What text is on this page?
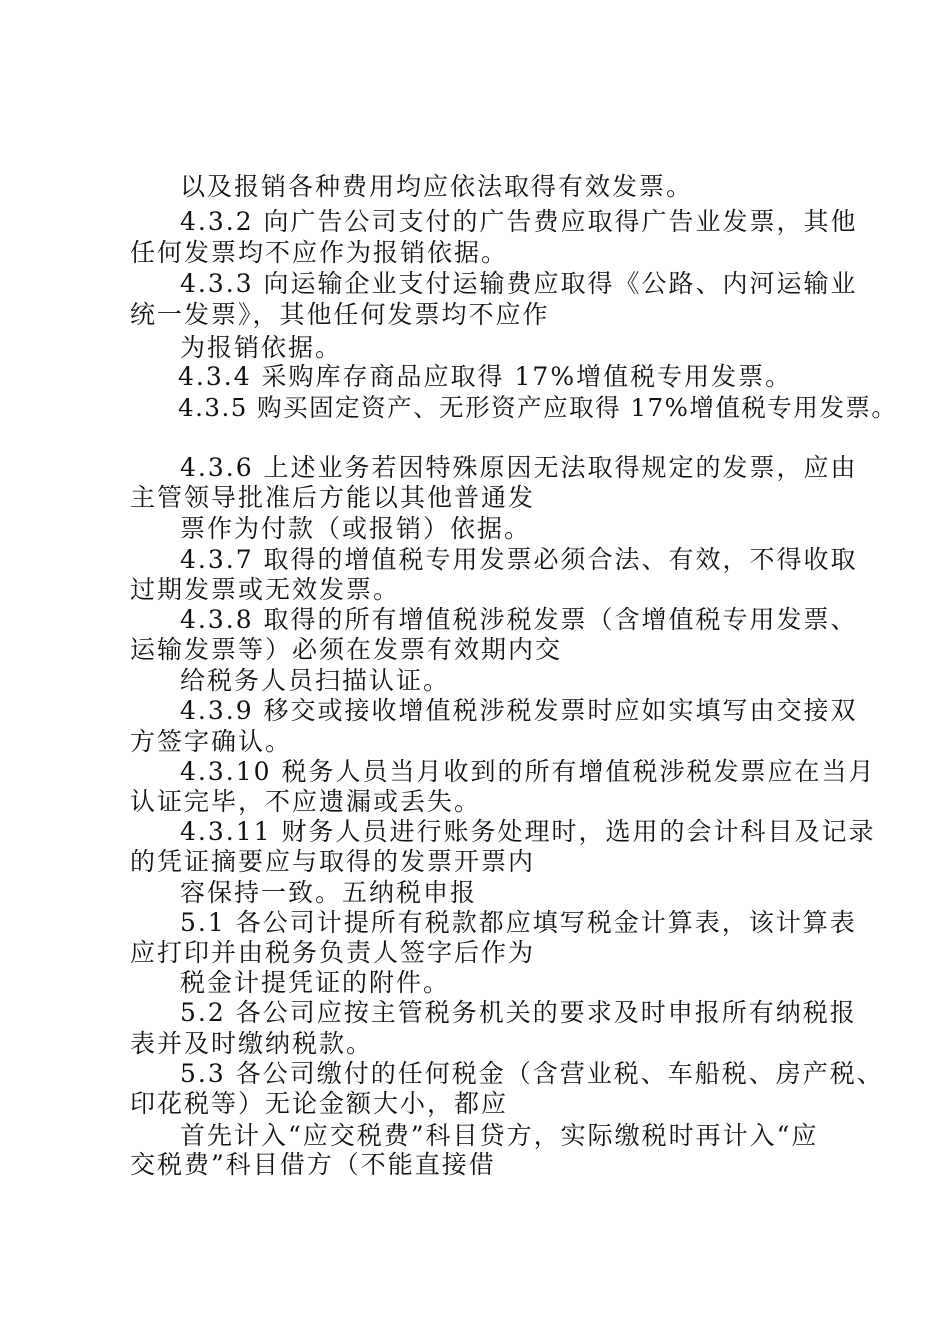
以及报销各种费用均应依法取得有效发票。
4.3.2 向广告公司支付的广告费应取得广告业发票，其他
任何发票均不应作为报销依据。
4.3.3 向运输企业支付运输费应取得《公路、内河运输业
统一发票》，其他任何发票均不应作
为报销依据。
4.3.4 采购库存商品应取得 17%增值税专用发票。
4.3.5 购买固定资产、无形资产应取得 17%增值税专用发票。
4.3.6 上述业务若因特殊原因无法取得规定的发票，应由
主管领导批准后方能以其他普通发
票作为付款（或报销）依据。
4.3.7 取得的增值税专用发票必须合法、有效，不得收取
过期发票或无效发票。
4.3.8 取得的所有增值税涉税发票（含增值税专用发票、
运输发票等）必须在发票有效期内交
给税务人员扫描认证。
4.3.9 移交或接收增值税涉税发票时应如实填写由交接双
方签字确认。
4.3.10 税务人员当月收到的所有增值税涉税发票应在当月
认证完毕，不应遗漏或丢失。
4.3.11 财务人员进行账务处理时，选用的会计科目及记录
的凭证摘要应与取得的发票开票内
容保持一致。五纳税申报
5.1 各公司计提所有税款都应填写税金计算表，该计算表
应打印并由税务负责人签字后作为
税金计提凭证的附件。
5.2 各公司应按主管税务机关的要求及时申报所有纳税报
表并及时缴纳税款。
5.3 各公司缴付的任何税金（含营业税、车船税、房产税、
印花税等）无论金额大小，都应
首先计入“应交税费”科目贷方，实际缴税时再计入“应
交税费”科目借方（不能直接借
